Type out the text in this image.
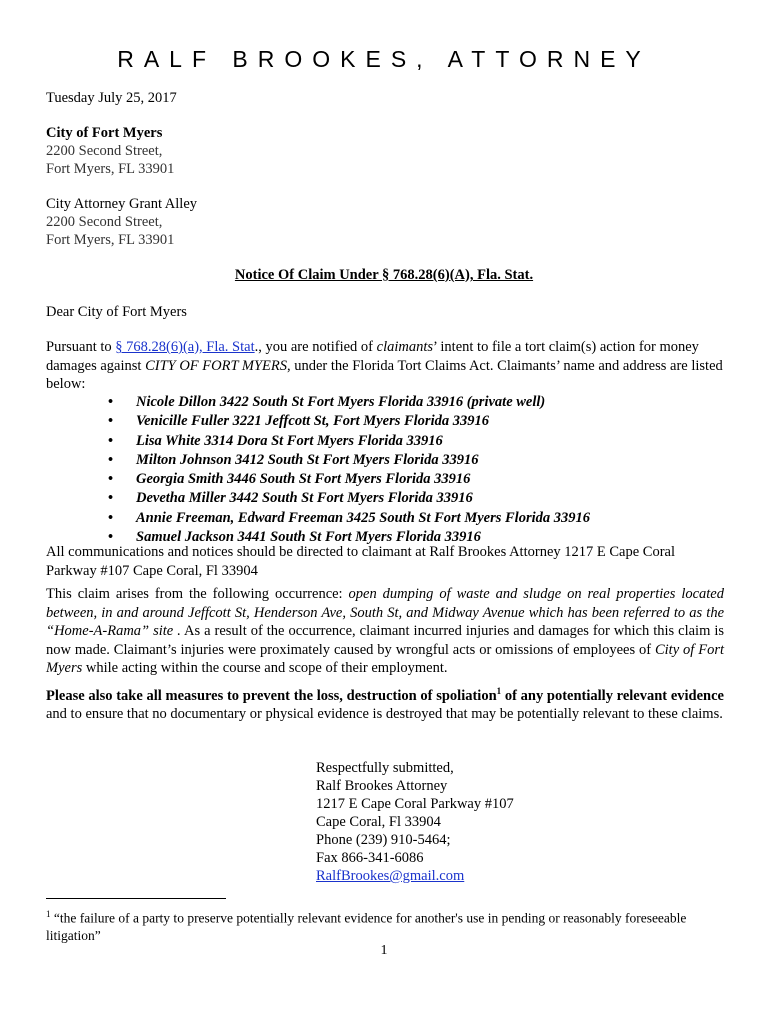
RALF BROOKES, ATTORNEY
Tuesday July 25, 2017
City of Fort Myers
2200 Second Street,
Fort Myers, FL 33901
City Attorney Grant Alley
2200 Second Street,
Fort Myers, FL 33901
Notice Of Claim Under § 768.28(6)(A), Fla. Stat.
Dear City of Fort Myers
Pursuant to § 768.28(6)(a), Fla. Stat., you are notified of claimants’ intent to file a tort claim(s) action for money damages against CITY OF FORT MYERS, under the Florida Tort Claims Act. Claimants’ name and address are listed below:
• Nicole Dillon 3422 South St Fort Myers Florida 33916 (private well)
• Venicille Fuller 3221 Jeffcott St, Fort Myers Florida 33916
• Lisa White 3314 Dora St Fort Myers Florida 33916
• Milton Johnson 3412 South St Fort Myers Florida 33916
• Georgia Smith 3446 South St Fort Myers Florida 33916
• Devetha Miller 3442 South St Fort Myers Florida 33916
• Annie Freeman, Edward Freeman 3425 South St Fort Myers Florida 33916
• Samuel Jackson 3441 South St Fort Myers Florida 33916
All communications and notices should be directed to claimant at Ralf Brookes Attorney 1217 E Cape Coral Parkway #107 Cape Coral, Fl 33904
This claim arises from the following occurrence: open dumping of waste and sludge on real properties located between, in and around Jeffcott St, Henderson Ave, South St, and Midway Avenue which has been referred to as the “Home-A-Rama” site . As a result of the occurrence, claimant incurred injuries and damages for which this claim is now made. Claimant’s injuries were proximately caused by wrongful acts or omissions of employees of City of Fort Myers while acting within the course and scope of their employment.
Please also take all measures to prevent the loss, destruction of spoliation$^1$ of any potentially relevant evidence and to ensure that no documentary or physical evidence is destroyed that may be potentially relevant to these claims.
Respectfully submitted,
Ralf Brookes Attorney
1217 E Cape Coral Parkway #107
Cape Coral, Fl 33904
Phone (239) 910-5464;
Fax 866-341-6086
RalfBrookes@gmail.com
$^1$ “the failure of a party to preserve potentially relevant evidence for another's use in pending or reasonably foreseeable litigation”
1
